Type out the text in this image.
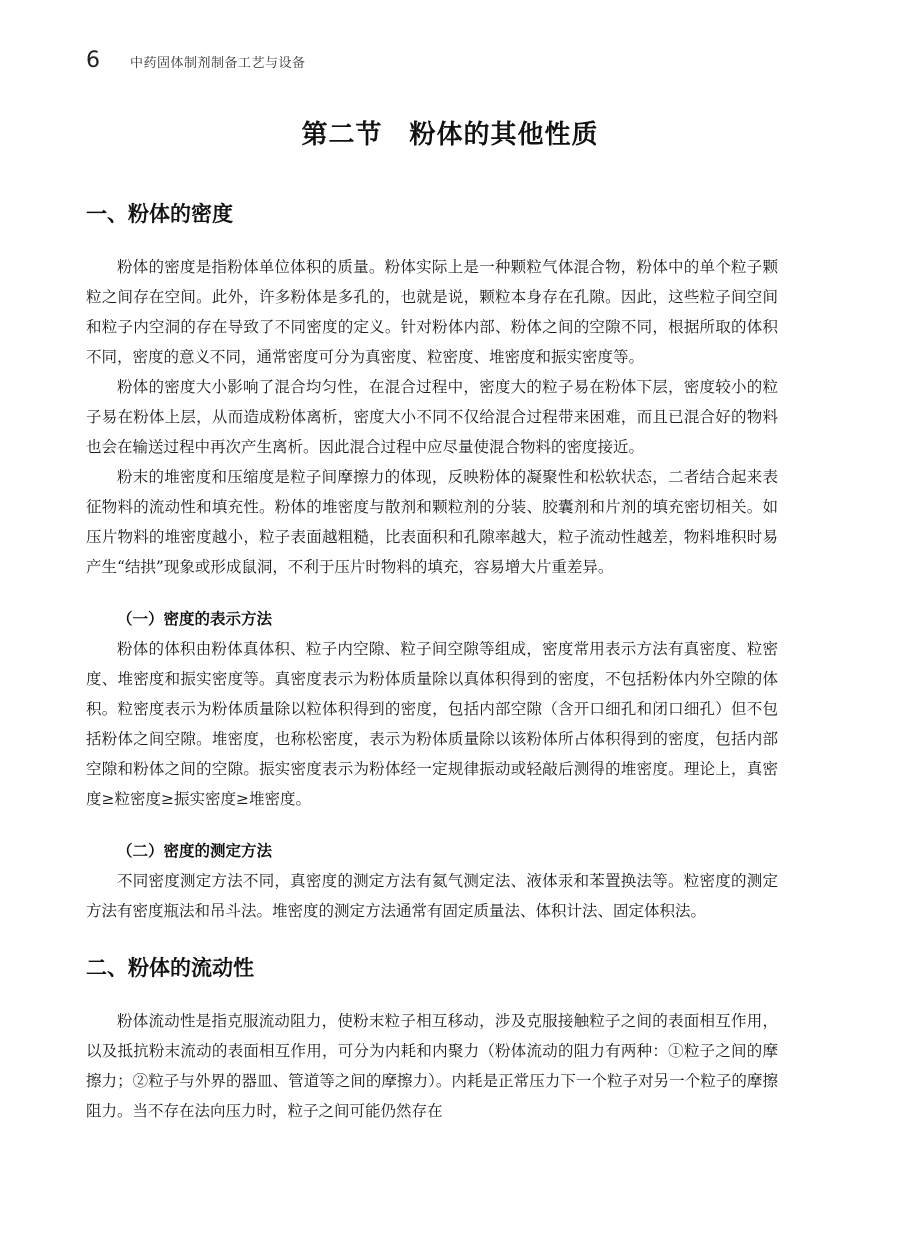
6 中药固体制剂制备工艺与设备
第二节　粉体的其他性质
一、粉体的密度

粉体的密度是指粉体单位体积的质量。粉体实际上是一种颗粒气体混合物，粉体中的单个粒子颗粒之间存在空间。此外，许多粉体是多孔的，也就是说，颗粒本身存在孔隙。因此，这些粒子间空间和粒子内空洞的存在导致了不同密度的定义。针对粉体内部、粉体之间的空隙不同，根据所取的体积不同，密度的意义不同，通常密度可分为真密度、粒密度、堆密度和振实密度等。

粉体的密度大小影响了混合均匀性，在混合过程中，密度大的粒子易在粉体下层，密度较小的粒子易在粉体上层，从而造成粉体离析，密度大小不同不仅给混合过程带来困难，而且已混合好的物料也会在输送过程中再次产生离析。因此混合过程中应尽量使混合物料的密度接近。

粉末的堆密度和压缩度是粒子间摩擦力的体现，反映粉体的凝聚性和松软状态，二者结合起来表征物料的流动性和填充性。粉体的堆密度与散剂和颗粒剂的分装、胶囊剂和片剂的填充密切相关。如压片物料的堆密度越小，粒子表面越粗糙，比表面积和孔隙率越大，粒子流动性越差，物料堆积时易产生“结拱”现象或形成鼠洞，不利于压片时物料的填充，容易增大片重差异。

（一）密度的表示方法

粉体的体积由粉体真体积、粒子内空隙、粒子间空隙等组成，密度常用表示方法有真密度、粒密度、堆密度和振实密度等。真密度表示为粉体质量除以真体积得到的密度，不包括粉体内外空隙的体积。粒密度表示为粉体质量除以粒体积得到的密度，包括内部空隙（含开口细孔和闭口细孔）但不包括粉体之间空隙。堆密度，也称松密度，表示为粉体质量除以该粉体所占体积得到的密度，包括内部空隙和粉体之间的空隙。振实密度表示为粉体经一定规律振动或轻敲后测得的堆密度。理论上，真密度≥粒密度≥振实密度≥堆密度。

（二）密度的测定方法

不同密度测定方法不同，真密度的测定方法有氦气测定法、液体汞和苯置换法等。粒密度的测定方法有密度瓶法和吊斗法。堆密度的测定方法通常有固定质量法、体积计法、固定体积法。

二、粉体的流动性

粉体流动性是指克服流动阻力，使粉末粒子相互移动，涉及克服接触粒子之间的表面相互作用，以及抵抗粉末流动的表面相互作用，可分为内耗和内聚力（粉体流动的阻力有两种：①粒子之间的摩擦力；②粒子与外界的器皿、管道等之间的摩擦力）。内耗是正常压力下一个粒子对另一个粒子的摩擦阻力。当不存在法向压力时，粒子之间可能仍然存在
